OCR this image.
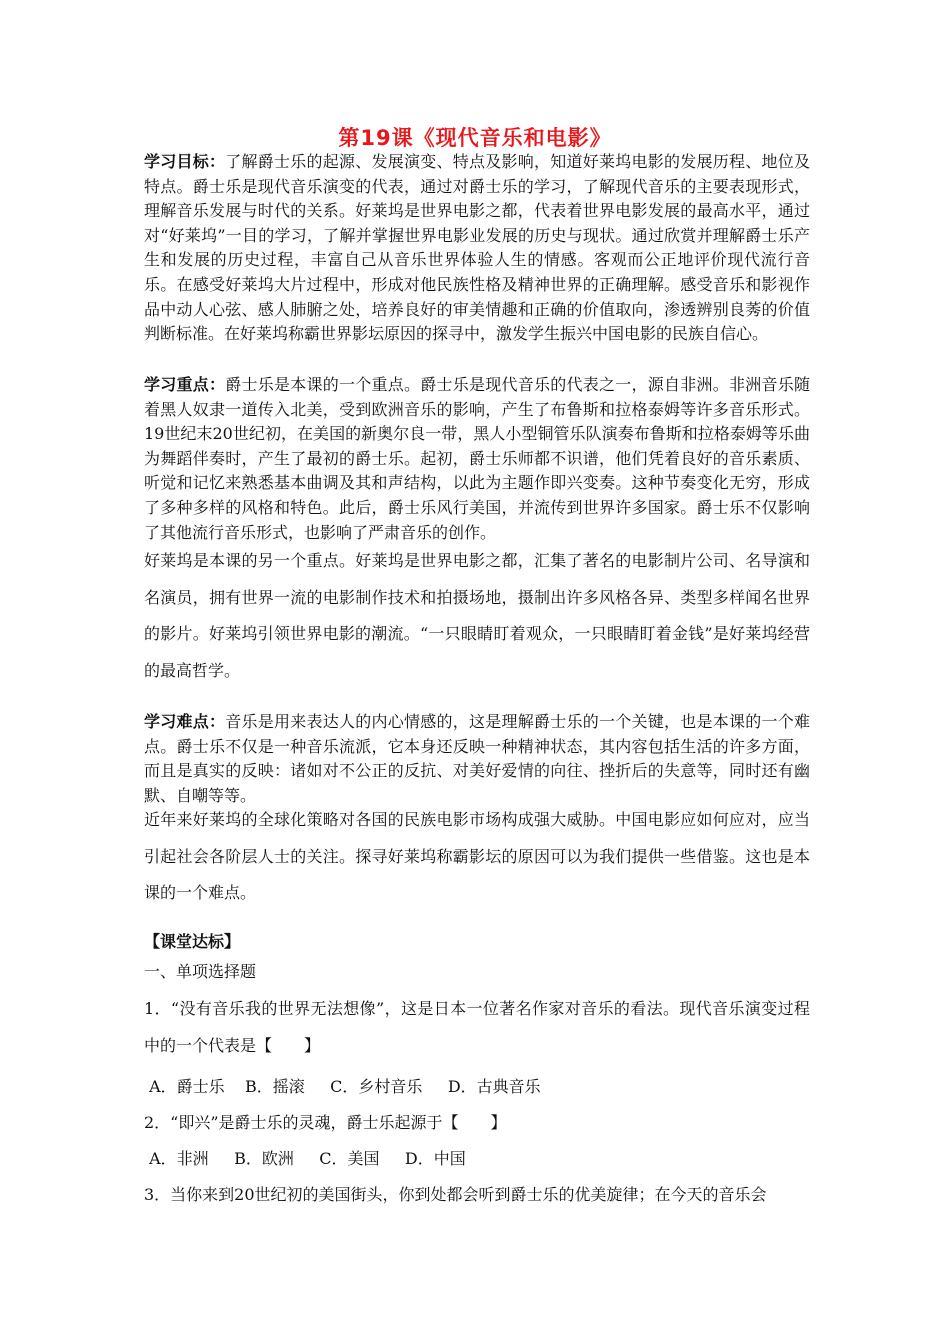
第19课《现代音乐和电影》
学习目标：了解爵士乐的起源、发展演变、特点及影响，知道好莱坞电影的发展历程、地位及特点。爵士乐是现代音乐演变的代表，通过对爵士乐的学习，了解现代音乐的主要表现形式，理解音乐发展与时代的关系。好莱坞是世界电影之都，代表着世界电影发展的最高水平，通过对“好莱坞”一目的学习，了解并掌握世界电影业发展的历史与现状。通过欣赏并理解爵士乐产生和发展的历史过程，丰富自己从音乐世界体验人生的情感。客观而公正地评价现代流行音乐。在感受好莱坞大片过程中，形成对他民族性格及精神世界的正确理解。感受音乐和影视作品中动人心弦、感人肺腑之处，培养良好的审美情趣和正确的价值取向，渗透辨别良莠的价值判断标准。在好莱坞称霸世界影坛原因的探寻中，激发学生振兴中国电影的民族自信心。
学习重点：爵士乐是本课的一个重点。爵士乐是现代音乐的代表之一，源自非洲。非洲音乐随着黑人奴隶一道传入北美，受到欧洲音乐的影响，产生了布鲁斯和拉格泰姆等许多音乐形式。19世纪末20世纪初，在美国的新奥尔良一带，黑人小型铜管乐队演奏布鲁斯和拉格泰姆等乐曲为舞蹈伴奏时，产生了最初的爵士乐。起初，爵士乐师都不识谱，他们凭着良好的音乐素质、听觉和记忆来熟悉基本曲调及其和声结构，以此为主题作即兴变奏。这种节奏变化无穷，形成了多种多样的风格和特色。此后，爵士乐风行美国，并流传到世界许多国家。爵士乐不仅影响了其他流行音乐形式，也影响了严肃音乐的创作。
好莱坞是本课的另一个重点。好莱坞是世界电影之都，汇集了著名的电影制片公司、名导演和名演员，拥有世界一流的电影制作技术和拍摄场地，摄制出许多风格各异、类型多样闻名世界的影片。好莱坞引领世界电影的潮流。“一只眼睛盯着观众，一只眼睛盯着金钱”是好莱坞经营的最高哲学。
学习难点：音乐是用来表达人的内心情感的，这是理解爵士乐的一个关键，也是本课的一个难点。爵士乐不仅是一种音乐流派，它本身还反映一种精神状态，其内容包括生活的许多方面，而且是真实的反映：诸如对不公正的反抗、对美好爱情的向往、挫折后的失意等，同时还有幽默、自嘲等等。
近年来好莱坞的全球化策略对各国的民族电影市场构成强大威胁。中国电影应如何应对，应当引起社会各阶层人士的关注。探寻好莱坞称霸影坛的原因可以为我们提供一些借鉴。这也是本课的一个难点。
【课堂达标】
一、单项选择题
1．“没有音乐我的世界无法想像”，这是日本一位著名作家对音乐的看法。现代音乐演变过程中的一个代表是【　　】
A．爵士乐    B．摇滚     C．乡村音乐     D．古典音乐
2．“即兴”是爵士乐的灵魂，爵士乐起源于【　　】
A．非洲     B．欧洲     C．美国     D．中国
3．当你来到20世纪初的美国街头，你到处都会听到爵士乐的优美旋律；在今天的音乐会
